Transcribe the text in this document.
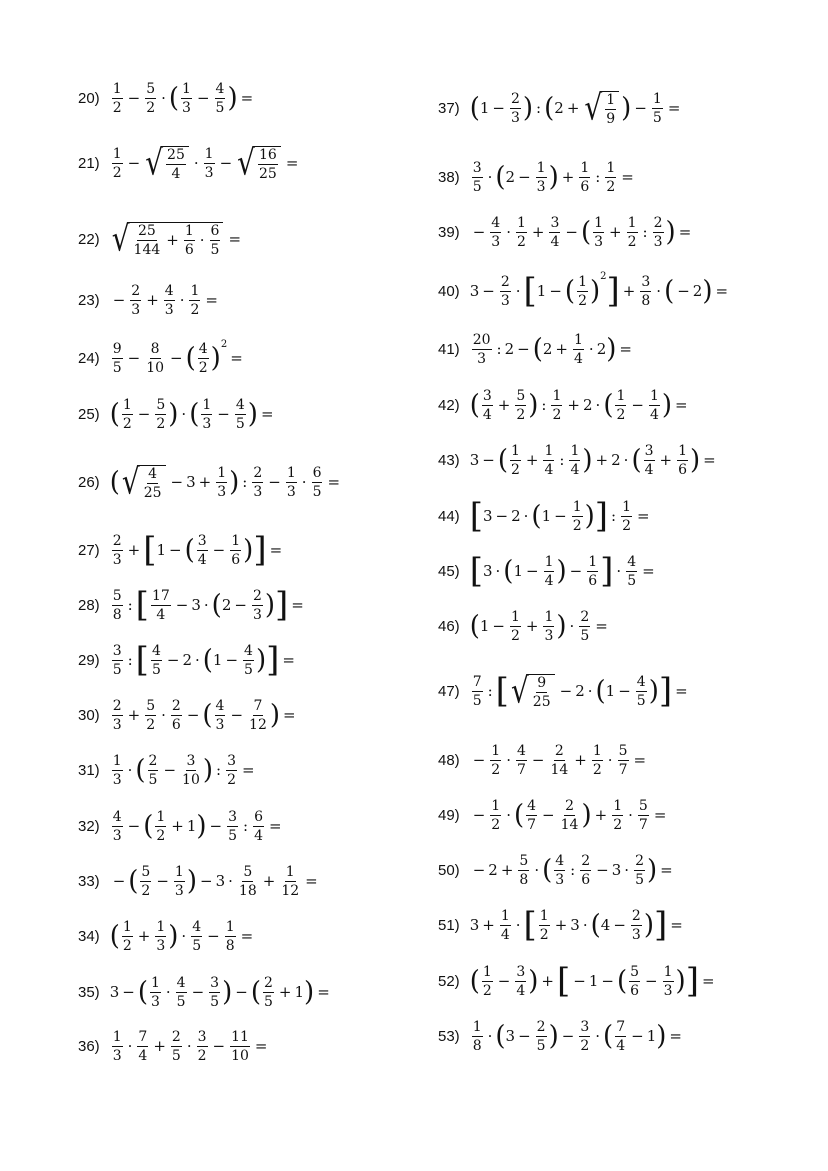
$20) \frac{1}{2} - \frac{5}{2}$ · ( $\frac{1}{3} - \frac{4}{5}$ ) =
$21) \frac{1}{2}$ − √ $\frac{25}{4} \cdot \frac{1}{3}$ − √ $\frac{16}{25}$ =
22) √ $\frac{25}{144} + \frac{1}{6} \cdot \frac{6}{5}$ =
$23) - \frac{2}{3} + \frac{4}{3} \cdot \frac{1}{2}$ =
$24) \frac{9}{5} - \frac{8}{10}$ − ( $\frac{4}{2}$ ) 2
=
25) ( $\frac{1}{2} - \frac{5}{2}$ ) · ( $\frac{1}{3} - \frac{4}{5}$ ) =
26) ( √ $\frac{4}{25} - 3 + \frac{1}{3}$ ) : $\frac{2}{3} - \frac{1}{3} \cdot \frac{6}{5}$ =
$27) \frac{2}{3}$ + [ 1 − ( $\frac{3}{4} - \frac{1}{6}$ ) ] =
$28) \frac{5}{8}$ : [ $\frac{17}{4} - 3$ · ( $2 - \frac{2}{3}$ ) ] =
$29) \frac{3}{5}$ : [ $\frac{4}{5} - 2$ · ( $1 - \frac{4}{5}$ ) ] =
$30) \frac{2}{3} + \frac{5}{2} \cdot \frac{2}{6}$ − ( $\frac{4}{3} - \frac{7}{12}$ ) =
$31) \frac{1}{3}$ · ( $\frac{2}{5} - \frac{3}{10}$ ) : $\frac{3}{2}$ =
$32) \frac{4}{3}$ − ( $\frac{1}{2} + 1$ ) − $\frac{3}{5}$ : $\frac{6}{4}$ =
33) − ( $\frac{5}{2} - \frac{1}{3}$ ) − $3 \cdot \frac{5}{18} + \frac{1}{12}$ =
34) ( $\frac{1}{2} + \frac{1}{3}$ ) · $\frac{4}{5} - \frac{1}{8}$ =
35) 3 − ( $\frac{1}{3} \cdot \frac{4}{5} - \frac{3}{5}$ ) − ( $\frac{2}{5} + 1$ ) =
$36) \frac{1}{3} \cdot \frac{7}{4} + \frac{2}{5} \cdot \frac{3}{2} - \frac{11}{10}$ =
37) ( $1 - \frac{2}{3}$ ) : ( 2 + √ $\frac{1}{9}$ ) − $\frac{1}{5}$ =
$38) \frac{3}{5}$ · ( $2 - \frac{1}{3}$ ) + $\frac{1}{6}$ : $\frac{1}{2}$ =
$39) - \frac{4}{3} \cdot \frac{1}{2} + \frac{3}{4}$ − ( $\frac{1}{3} + \frac{1}{2}$ : $\frac{2}{3}$ ) =
40) $3 - \frac{2}{3}$ · [ 1 − ( $\frac{1}{2}$ ) 2 ] + $\frac{3}{8}$ · ( − 2 ) =
$41) \frac{20}{3}$ : 2 − ( $2 + \frac{1}{4} \cdot 2$ ) =
42) ( $\frac{3}{4} + \frac{5}{2}$ ) : $\frac{1}{2} + 2$ · ( $\frac{1}{2} - \frac{1}{4}$ ) =
43) 3 − ( $\frac{1}{2} + \frac{1}{4}$ : $\frac{1}{4}$ ) + 2 · ( $\frac{3}{4} + \frac{1}{6}$ ) =
44) [ 3 − 2 · ( $1 - \frac{1}{2}$ ) ] : $\frac{1}{2}$ =
45) [ 3 · ( $1 - \frac{1}{4}$ ) − $\frac{1}{6}$ ] · $\frac{4}{5}$ =
46) ( $1 - \frac{1}{2} + \frac{1}{3}$ ) · $\frac{2}{5}$ =
$47) \frac{7}{5}$ : [ √ $\frac{9}{25} - 2$ · ( $1 - \frac{4}{5}$ ) ] =
$48) - \frac{1}{2} \cdot \frac{4}{7} - \frac{2}{14} + \frac{1}{2} \cdot \frac{5}{7}$ =
$49) - \frac{1}{2}$ · ( $\frac{4}{7} - \frac{2}{14}$ ) + $\frac{1}{2} \cdot \frac{5}{7}$ =
$50) - 2 + \frac{5}{8}$ · ( $\frac{4}{3}$ : $\frac{2}{6} - 3 \cdot \frac{2}{5}$ ) =
51) $3 + \frac{1}{4}$ · [ $\frac{1}{2} + 3$ · ( $4 - \frac{2}{3}$ ) ] =
52) ( $\frac{1}{2} - \frac{3}{4}$ ) + [ − 1 − ( $\frac{5}{6} - \frac{1}{3}$ ) ] =
$53) \frac{1}{8}$ · ( $3 - \frac{2}{5}$ ) − $\frac{3}{2}$ · ( $\frac{7}{4} - 1$ ) =
